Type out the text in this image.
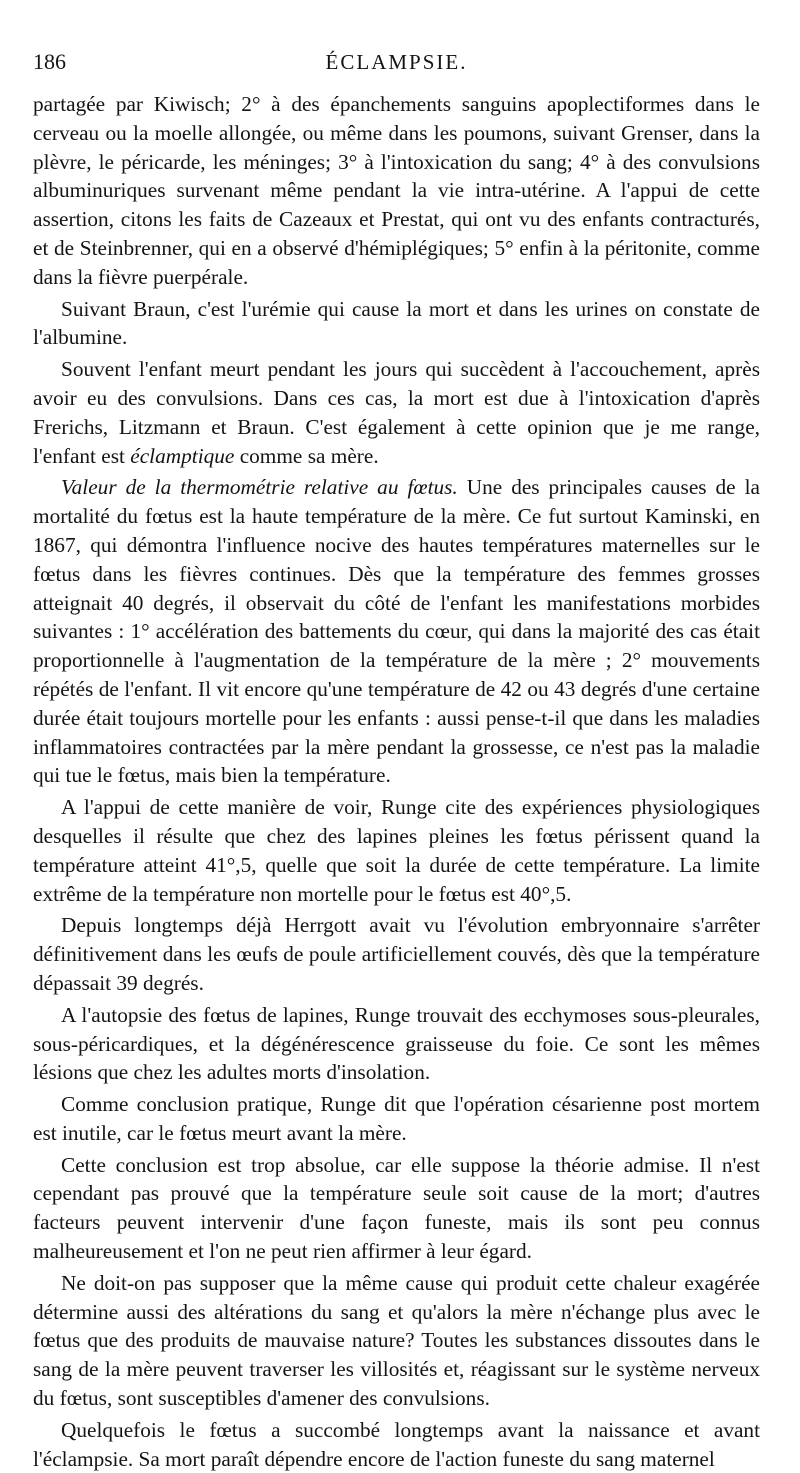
186	ÉCLAMPSIE.

partagée par Kiwisch; 2° à des épanchements sanguins apoplectiformes dans le cerveau ou la moelle allongée, ou même dans les poumons, suivant Grenser, dans la plèvre, le péricarde, les méninges; 3° à l'intoxication du sang; 4° à des convulsions albuminuriques survenant même pendant la vie intra-utérine. A l'appui de cette assertion, citons les faits de Cazeaux et Prestat, qui ont vu des enfants contracturés, et de Steinbrenner, qui en a observé d'hémiplégiques; 5° enfin à la péritonite, comme dans la fièvre puerpérale.

Suivant Braun, c'est l'urémie qui cause la mort et dans les urines on constate de l'albumine.

Souvent l'enfant meurt pendant les jours qui succèdent à l'accouchement, après avoir eu des convulsions. Dans ces cas, la mort est due à l'intoxication d'après Frerichs, Litzmann et Braun. C'est également à cette opinion que je me range, l'enfant est éclamptique comme sa mère.

Valeur de la thermométrie relative au fœtus. Une des principales causes de la mortalité du fœtus est la haute température de la mère. Ce fut surtout Kaminski, en 1867, qui démontra l'influence nocive des hautes températures maternelles sur le fœtus dans les fièvres continues. Dès que la température des femmes grosses atteignait 40 degrés, il observait du côté de l'enfant les manifestations morbides suivantes : 1° accélération des battements du cœur, qui dans la majorité des cas était proportionnelle à l'augmentation de la température de la mère ; 2° mouvements répétés de l'enfant. Il vit encore qu'une température de 42 ou 43 degrés d'une certaine durée était toujours mortelle pour les enfants : aussi pense-t-il que dans les maladies inflammatoires contractées par la mère pendant la grossesse, ce n'est pas la maladie qui tue le fœtus, mais bien la température.

A l'appui de cette manière de voir, Runge cite des expériences physiologiques desquelles il résulte que chez des lapines pleines les fœtus périssent quand la température atteint 41°,5, quelle que soit la durée de cette température. La limite extrême de la température non mortelle pour le fœtus est 40°,5.

Depuis longtemps déjà Herrgott avait vu l'évolution embryonnaire s'arrêter définitivement dans les œufs de poule artificiellement couvés, dès que la température dépassait 39 degrés.

A l'autopsie des fœtus de lapines, Runge trouvait des ecchymoses sous-pleurales, sous-péricardiques, et la dégénérescence graisseuse du foie. Ce sont les mêmes lésions que chez les adultes morts d'insolation.

Comme conclusion pratique, Runge dit que l'opération césarienne post mortem est inutile, car le fœtus meurt avant la mère.

Cette conclusion est trop absolue, car elle suppose la théorie admise. Il n'est cependant pas prouvé que la température seule soit cause de la mort; d'autres facteurs peuvent intervenir d'une façon funeste, mais ils sont peu connus malheureusement et l'on ne peut rien affirmer à leur égard.

Ne doit-on pas supposer que la même cause qui produit cette chaleur exagérée détermine aussi des altérations du sang et qu'alors la mère n'échange plus avec le fœtus que des produits de mauvaise nature? Toutes les substances dissoutes dans le sang de la mère peuvent traverser les villosités et, réagissant sur le système nerveux du fœtus, sont susceptibles d'amener des convulsions.

Quelquefois le fœtus a succombé longtemps avant la naissance et avant l'éclampsie. Sa mort paraît dépendre encore de l'action funeste du sang maternel
